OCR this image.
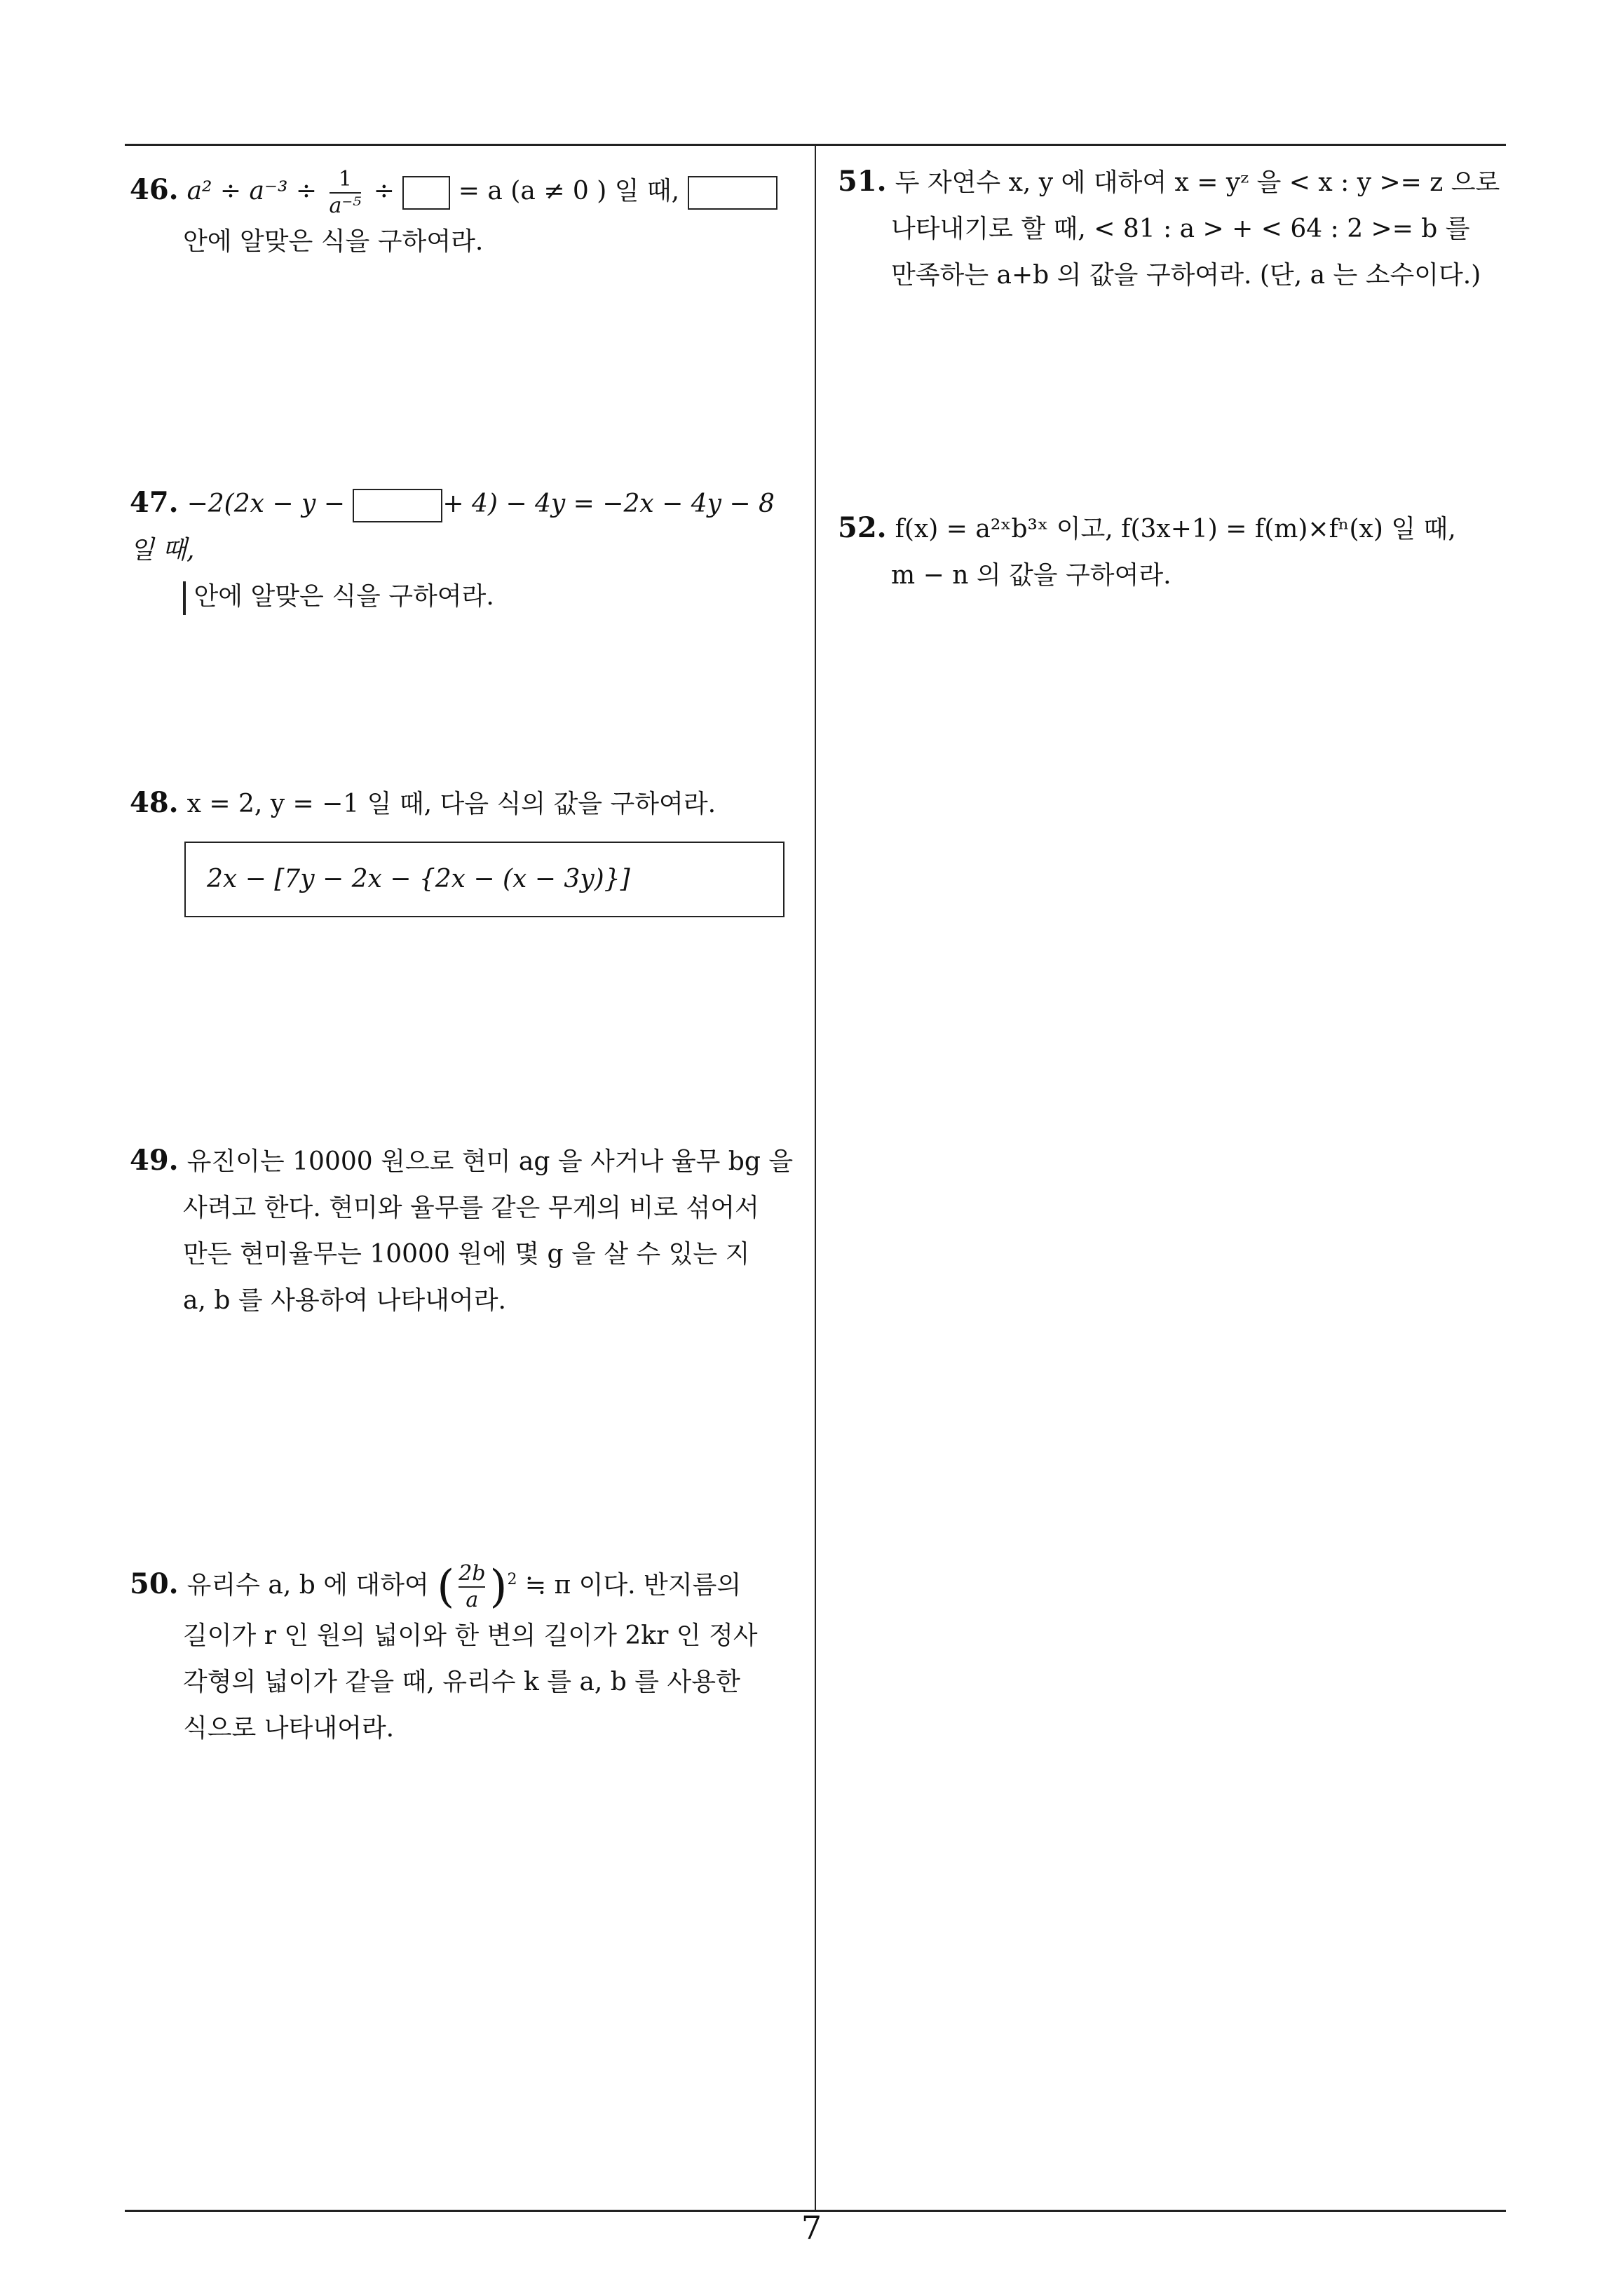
46. $a^2 \div a^{-3} \div \frac{1}{\text{a⁻⁵}}$ ÷	= a (a ≠ 0 ) 일 때,
안에 알맞은 식을 구하여라.
47. −2(2x − y −	+ 4) − 4y = −2x − 4y − 8 일 때,
안에 알맞은 식을 구하여라.
48. x = 2, y = −1 일 때, 다음 식의 값을 구하여라.
2x − [7y − 2x − {2x − (x − 3y)}]
49. 유진이는 10000 원으로 현미 ag 을 사거나 율무 bg 을
사려고 한다. 현미와 율무를 같은 무게의 비로 섞어서
만든 현미율무는 10000 원에 몇 g 을 살 수 있는 지
a, b 를 사용하여 나타내어라.
50. 유리수 a, b 에 대하여 ( $\frac{2b}{a} )^2$ ≒ π 이다. 반지름의
길이가 r 인 원의 넓이와 한 변의 길이가 2kr 인 정사
각형의 넓이가 같을 때, 유리수 k 를 a, b 를 사용한
식으로 나타내어라.
51. 두 자연수 x, y 에 대하여 x = yᶻ 을 < x : y >= z 으로
나타내기로 할 때, < 81 : a > + < 64 : 2 >= b 를
만족하는 a+b 의 값을 구하여라. (단, a 는 소수이다.)
52. f(x) = a²ˣb³ˣ 이고, f(3x+1) = f(m)×fⁿ(x) 일 때,
m − n 의 값을 구하여라.
7
